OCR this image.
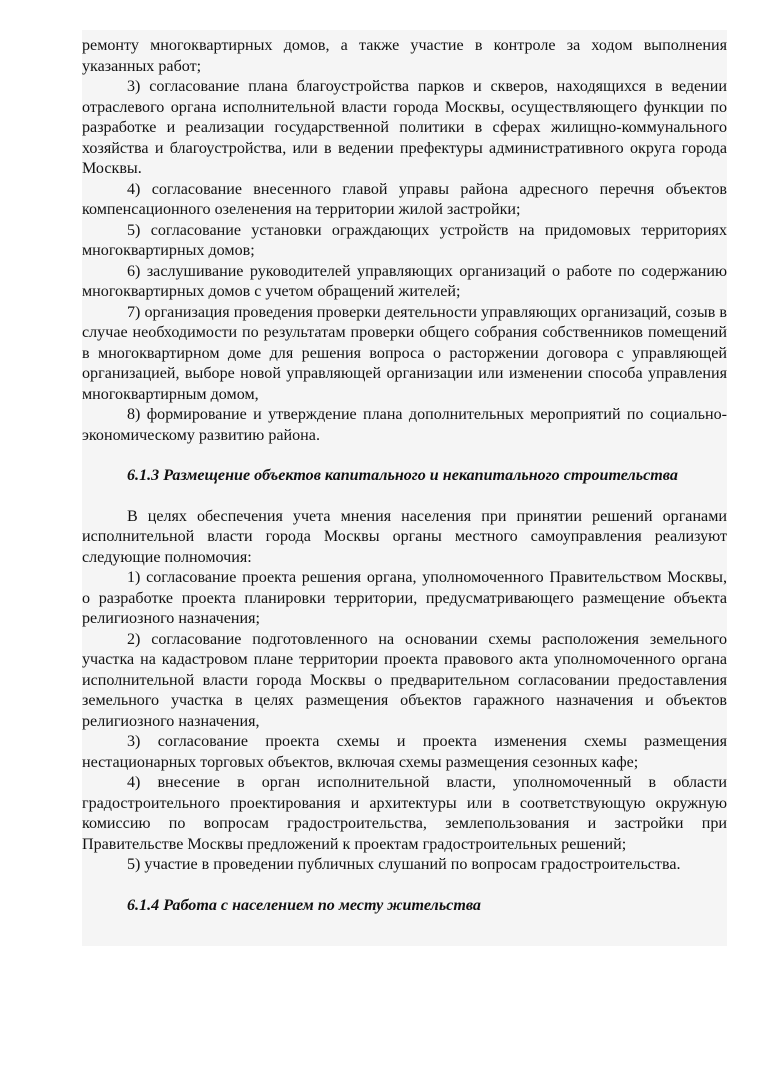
ремонту многоквартирных домов, а также участие в контроле за ходом выполнения указанных работ;

3) согласование плана благоустройства парков и скверов, находящихся в ведении отраслевого органа исполнительной власти города Москвы, осуществляющего функции по разработке и реализации государственной политики в сферах жилищно-коммунального хозяйства и благоустройства, или в ведении префектуры административного округа города Москвы.

4) согласование внесенного главой управы района адресного перечня объектов компенсационного озеленения на территории жилой застройки;

5) согласование установки ограждающих устройств на придомовых территориях многоквартирных домов;

6) заслушивание руководителей управляющих организаций о работе по содержанию многоквартирных домов с учетом обращений жителей;

7) организация проведения проверки деятельности управляющих организаций, созыв в случае необходимости по результатам проверки общего собрания собственников помещений в многоквартирном доме для решения вопроса о расторжении договора с управляющей организацией, выборе новой управляющей организации или изменении способа управления многоквартирным домом,

8) формирование и утверждение плана дополнительных мероприятий по социально-экономическому развитию района.

6.1.3 Размещение объектов капитального и некапитального строительства

В целях обеспечения учета мнения населения при принятии решений органами исполнительной власти города Москвы органы местного самоуправления реализуют следующие полномочия:

1) согласование проекта решения органа, уполномоченного Правительством Москвы, о разработке проекта планировки территории, предусматривающего размещение объекта религиозного назначения;

2) согласование подготовленного на основании схемы расположения земельного участка на кадастровом плане территории проекта правового акта уполномоченного органа исполнительной власти города Москвы о предварительном согласовании предоставления земельного участка в целях размещения объектов гаражного назначения и объектов религиозного назначения,

3) согласование проекта схемы и проекта изменения схемы размещения нестационарных торговых объектов, включая схемы размещения сезонных кафе;

4) внесение в орган исполнительной власти, уполномоченный в области градостроительного проектирования и архитектуры или в соответствующую окружную комиссию по вопросам градостроительства, землепользования и застройки при Правительстве Москвы предложений к проектам градостроительных решений;

5) участие в проведении публичных слушаний по вопросам градостроительства.

6.1.4 Работа с населением по месту жительства
